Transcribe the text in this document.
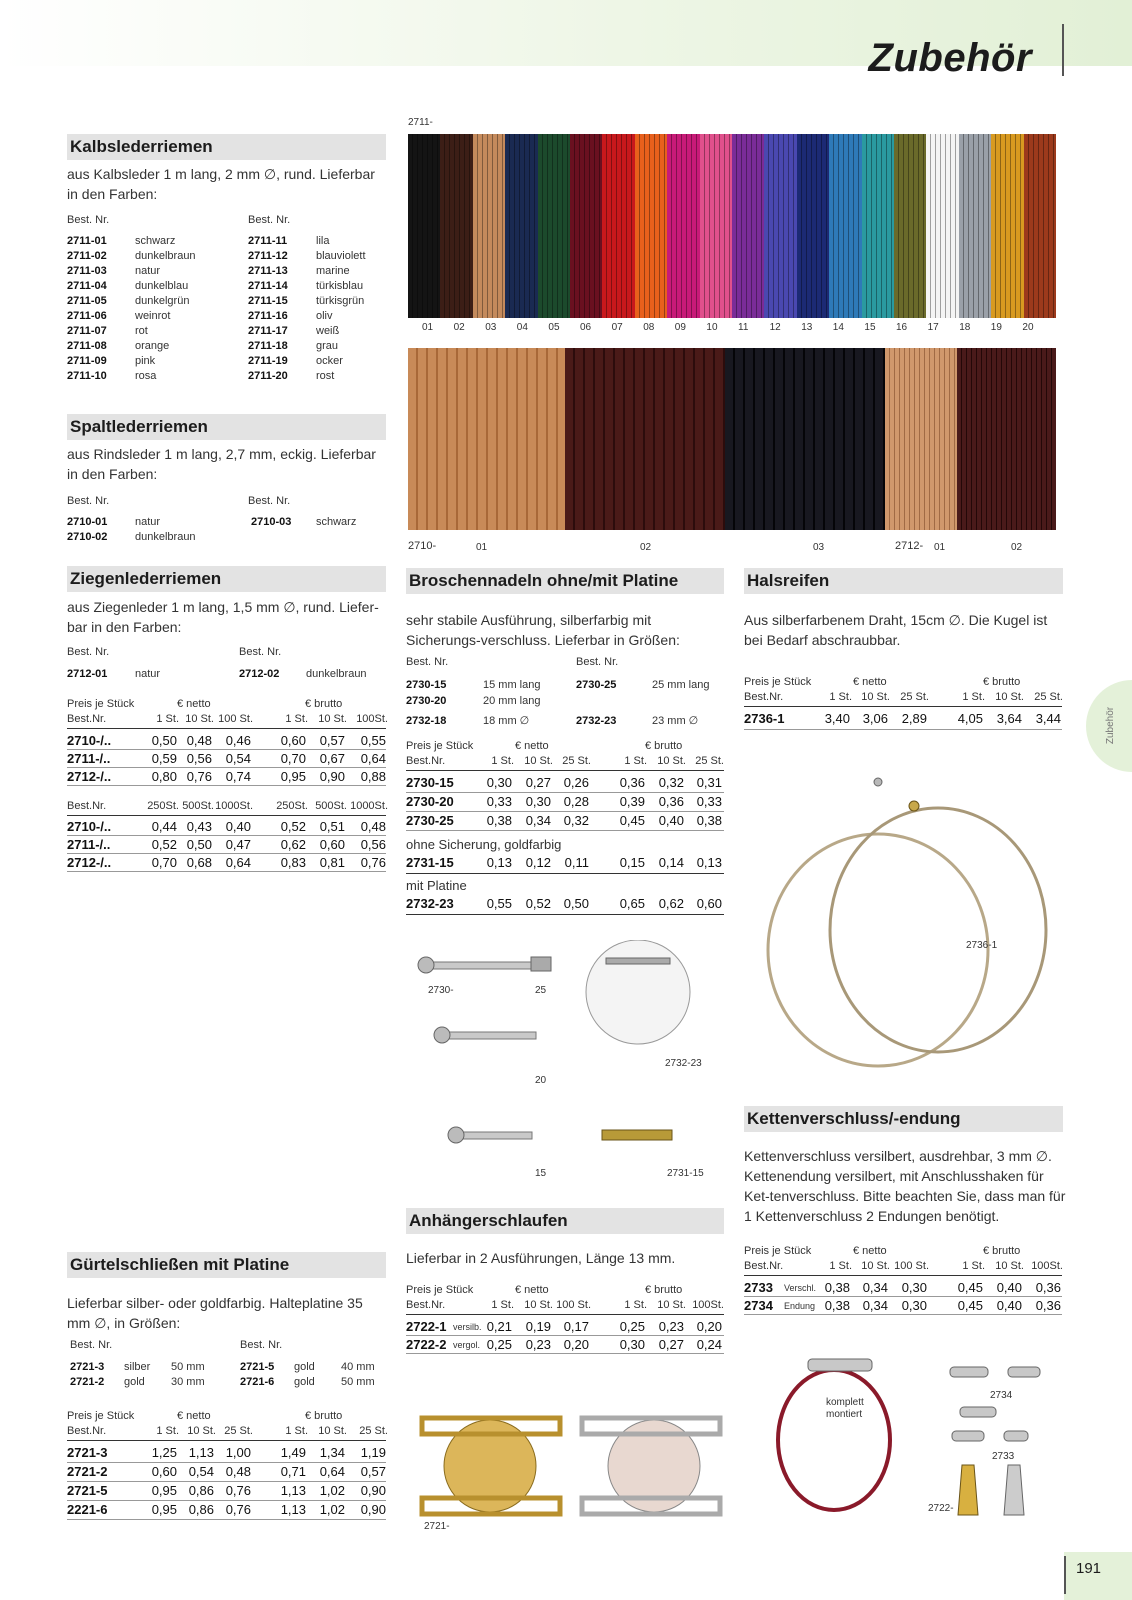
Zubehör
Zubehör
191
Kalbslederriemen
aus Kalbsleder 1 m lang, 2 mm ∅, rund. Lieferbar in den Farben:
Best. Nr.	Best. Nr.
Spaltlederriemen
aus Rindsleder 1 m lang, 2,7 mm, eckig. Lieferbar in den Farben:
Best. Nr.	Best. Nr.
Ziegenlederriemen
aus Ziegenleder 1 m lang, 1,5 mm ∅, rund. Liefer-bar in den Farben:
Best. Nr.	Best. Nr.
Gürtelschließen mit Platine
Lieferbar silber- oder goldfarbig. Halteplatine 35 mm ∅, in Größen:
Best. Nr.	Best. Nr.
2711-
2710-	01	02	03	2712- 01	02
Broschennadeln ohne/mit Platine
sehr stabile Ausführung, silberfarbig mit Sicherungs-verschluss. Lieferbar in Größen:
Best. Nr.	Best. Nr.
2730-	25
20
2732-23
15	2731-15
Anhängerschlaufen
Lieferbar in 2 Ausführungen, Länge 13 mm.
2721-
Halsreifen
Aus silberfarbenem Draht, 15cm ∅. Die Kugel ist bei Bedarf abschraubbar.
2736-1
Kettenverschluss/-endung
Kettenverschluss versilbert, ausdrehbar, 3 mm ∅. Kettenendung versilbert, mit Anschlusshaken für Ket-tenverschluss. Bitte beachten Sie, dass man für 1 Kettenverschluss 2 Endungen benötigt.
komplett montiert
2734
2733
2722-
2711-01	schwarz
2711-02	dunkelbraun
2711-03	natur
2711-04	dunkelblau
2711-05	dunkelgrün
2711-06	weinrot
2711-07	rot
2711-08	orange
2711-09	pink
2711-10	rosa
2711-11	lila
2711-12	blauviolett
2711-13	marine
2711-14	türkisblau
2711-15	türkisgrün
2711-16	oliv
2711-17	weiß
2711-18	grau
2711-19	ocker
2711-20	rost
2710-01	natur
2710-02	dunkelbraun
2710-03 schwarz
2712-01	natur	2712-02 dunkelbraun
2721-3 silber 50 mm
2721-2 gold 30 mm
2721-5 gold 40 mm
2721-6 gold 50 mm
2730-15	15 mm lang
2730-20	20 mm lang
2732-18	18 mm ∅
2730-25	25 mm lang
2732-23	23 mm ∅
Preis je Stück	€ netto	€ brutto
Best.Nr.	1 St. 10 St. 100 St.	1 St. 10 St. 100St.
2710-/..	0,50 0,48	0,46	0,60	0,57	0,55
2711-/..	0,59 0,56	0,54	0,70	0,67	0,64
2712-/..	0,80 0,76	0,74	0,95	0,90	0,88
Best.Nr.	250St. 500St. 1000St.	250St. 500St. 1000St.
2710-/..	0,44 0,43	0,40	0,52	0,51	0,48
2711-/..	0,52 0,50	0,47	0,62	0,60	0,56
2712-/..	0,70 0,68	0,64	0,83	0,81	0,76
Preis je Stück	€ netto	€ brutto
Best.Nr.	1 St. 10 St. 25 St.	1 St. 10 St.	25 St.
2721-3	1,25 1,13 1,00	1,49	1,34	1,19
2721-2	0,60 0,54 0,48	0,71	0,64	0,57
2721-5	0,95 0,86 0,76	1,13	1,02	0,90
2221-6	0,95 0,86 0,76	1,13	1,02	0,90
Preis je Stück	€ netto	€ brutto
Best.Nr.	1 St. 10 St. 25 St.	1 St. 10 St. 25 St.
2730-15	0,30	0,27 0,26	0,36	0,32 0,31
2730-20	0,33	0,30 0,28	0,39	0,36 0,33
2730-25	0,38	0,34 0,32	0,45	0,40 0,38
ohne Sicherung, goldfarbig
2731-15	0,13	0,12	0,11	0,15	0,14 0,13
mit Platine
2732-23	0,55	0,52 0,50	0,65	0,62 0,60
Preis je Stück	€ netto	€ brutto
Best.Nr.	1 St. 10 St. 100 St.	1 St. 10 St. 100St.
2722-1 versilb. 0,21	0,19 0,17	0,25	0,23 0,20
2722-2 vergol. 0,25	0,23 0,20	0,30	0,27 0,24
Preis je Stück	€ netto	€ brutto
Best.Nr.	1 St. 10 St. 25 St.	1 St. 10 St. 25 St.
2736-1	3,40 3,06	2,89	4,05	3,64	3,44
Preis je Stück	€ netto	€ brutto
Best.Nr.	1 St. 10 St. 100 St.	1 St. 10 St. 100St.
2733 Verschl. 0,38 0,34	0,30	0,45	0,40	0,36
2734 Endung 0,38 0,34	0,30	0,45	0,40	0,36
01 02 03 04 05 06 07 08 09 10 11 12 13 14 15 16 17 18 19 20
